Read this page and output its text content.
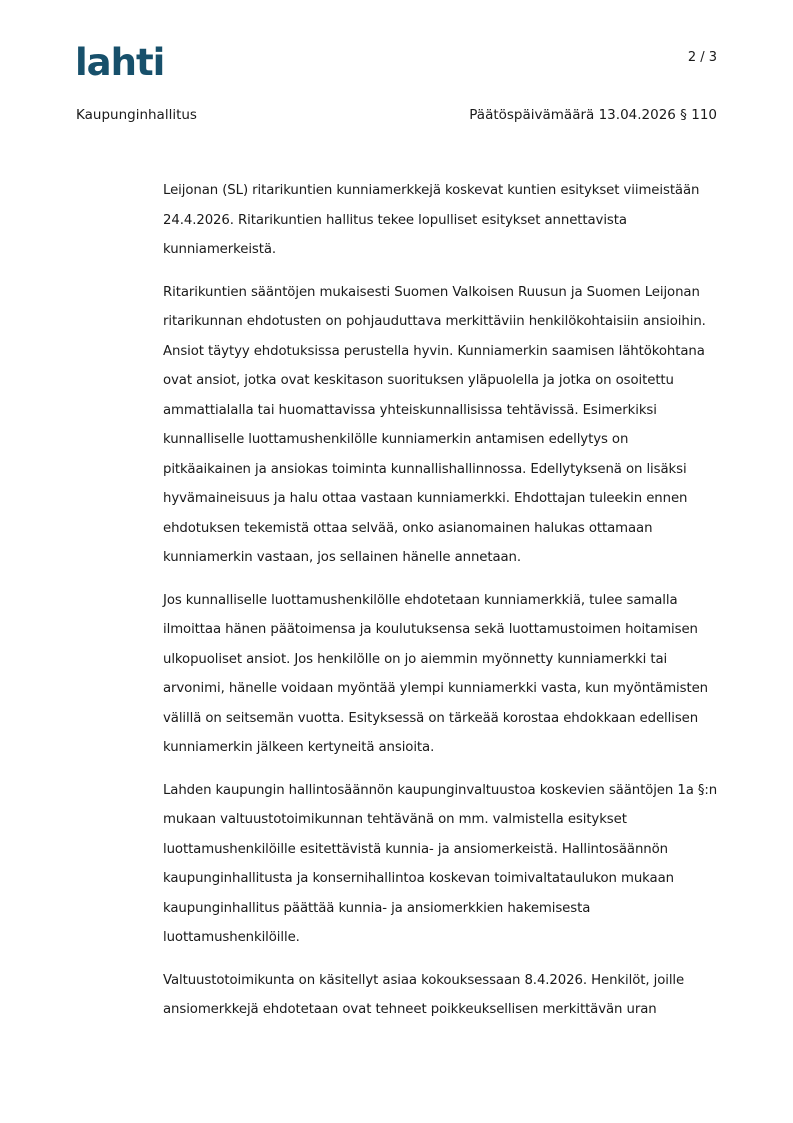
lahti	2 / 3
Kaupunginhallitus	Päätöspäivämäärä 13.04.2026 § 110

Leijonan (SL) ritarikuntien kunniamerkkejä koskevat kuntien esitykset viimeistään
24.4.2026. Ritarikuntien hallitus tekee lopulliset esitykset annettavista
kunniamerkeistä.

Ritarikuntien sääntöjen mukaisesti Suomen Valkoisen Ruusun ja Suomen Leijonan
ritarikunnan ehdotusten on pohjauduttava merkittäviin henkilökohtaisiin ansioihin.
Ansiot täytyy ehdotuksissa perustella hyvin. Kunniamerkin saamisen lähtökohtana
ovat ansiot, jotka ovat keskitason suorituksen yläpuolella ja jotka on osoitettu
ammattialalla tai huomattavissa yhteiskunnallisissa tehtävissä. Esimerkiksi
kunnalliselle luottamushenkilölle kunniamerkin antamisen edellytys on
pitkäaikainen ja ansiokas toiminta kunnallishallinnossa. Edellytyksenä on lisäksi
hyvämaineisuus ja halu ottaa vastaan kunniamerkki. Ehdottajan tuleekin ennen
ehdotuksen tekemistä ottaa selvää, onko asianomainen halukas ottamaan
kunniamerkin vastaan, jos sellainen hänelle annetaan.

Jos kunnalliselle luottamushenkilölle ehdotetaan kunniamerkkiä, tulee samalla
ilmoittaa hänen päätoimensa ja koulutuksensa sekä luottamustoimen hoitamisen
ulkopuoliset ansiot. Jos henkilölle on jo aiemmin myönnetty kunniamerkki tai
arvonimi, hänelle voidaan myöntää ylempi kunniamerkki vasta, kun myöntämisten
välillä on seitsemän vuotta. Esityksessä on tärkeää korostaa ehdokkaan edellisen
kunniamerkin jälkeen kertyneitä ansioita.

Lahden kaupungin hallintosäännön kaupunginvaltuustoa koskevien sääntöjen 1a §:n
mukaan valtuustotoimikunnan tehtävänä on mm. valmistella esitykset
luottamushenkilöille esitettävistä kunnia- ja ansiomerkeistä. Hallintosäännön
kaupunginhallitusta ja konsernihallintoa koskevan toimivaltataulukon mukaan
kaupunginhallitus päättää kunnia- ja ansiomerkkien hakemisesta
luottamushenkilöille.

Valtuustotoimikunta on käsitellyt asiaa kokouksessaan 8.4.2026. Henkilöt, joille
ansiomerkkejä ehdotetaan ovat tehneet poikkeuksellisen merkittävän uran
